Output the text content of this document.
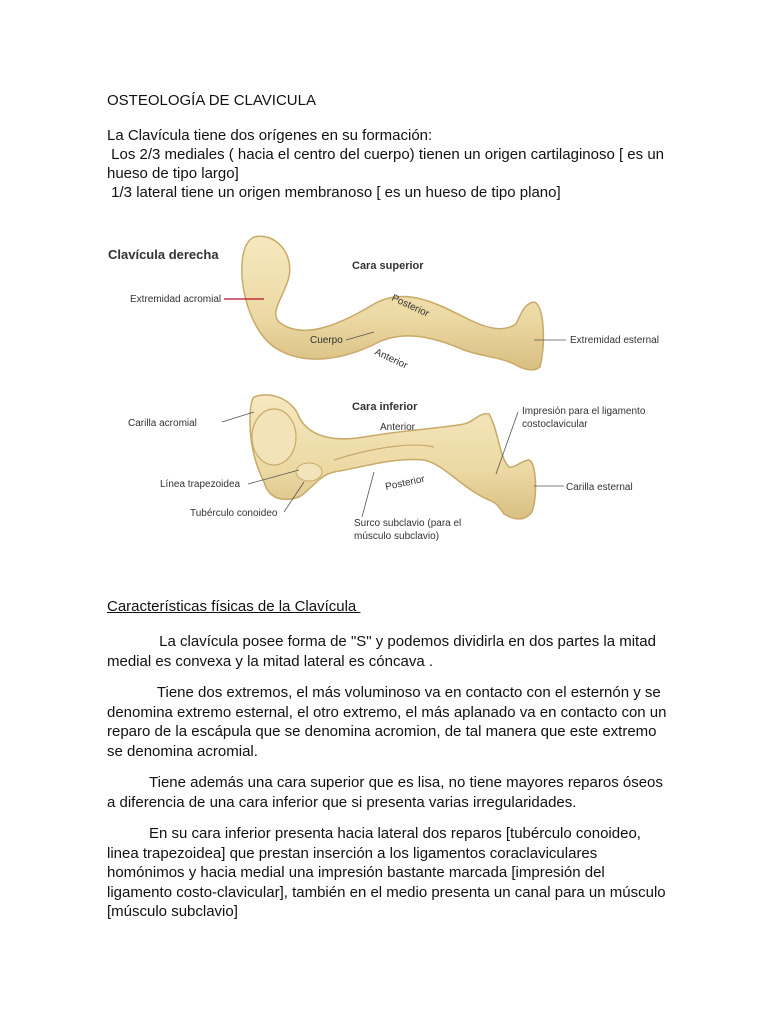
OSTEOLOGÍA DE CLAVICULA

La Clavícula tiene dos orígenes en su formación:

Los 2/3 mediales ( hacia el centro del cuerpo) tienen un origen cartilaginoso [ es un hueso de tipo largo]

1/3 lateral tiene un origen membranoso [ es un hueso de tipo plano]

Clavícula derecha
Cara superior
Extremidad acromial	Posterior
Cuerpo
Anterior
Extremidad esternal
Cara inferior
Carilla acromial	Anterior
Impresión para el ligamento
costoclavicular
Línea trapezoidea
Tubérculo conoideo
Posterior	Carilla esternal
Surco subclavio (para el
músculo subclavio)
Características físicas de la Clavícula

La clavícula posee forma de "S" y podemos dividirla en dos partes la mitad medial es convexa y la mitad lateral es cóncava .

Tiene dos extremos, el más voluminoso va en contacto con el esternón y se denomina extremo esternal, el otro extremo, el más aplanado va en contacto con un reparo de la escápula que se denomina acromion, de tal manera que este extremo se denomina acromial.

Tiene además una cara superior que es lisa, no tiene mayores reparos óseos a diferencia de una cara inferior que si presenta varias irregularidades.

En su cara inferior presenta hacia lateral dos reparos [tubérculo conoideo, linea trapezoidea] que prestan inserción a los ligamentos coraclaviculares homónimos y hacia medial una impresión bastante marcada [impresión del ligamento costo-clavicular], también en el medio presenta un canal para un músculo [músculo subclavio]
